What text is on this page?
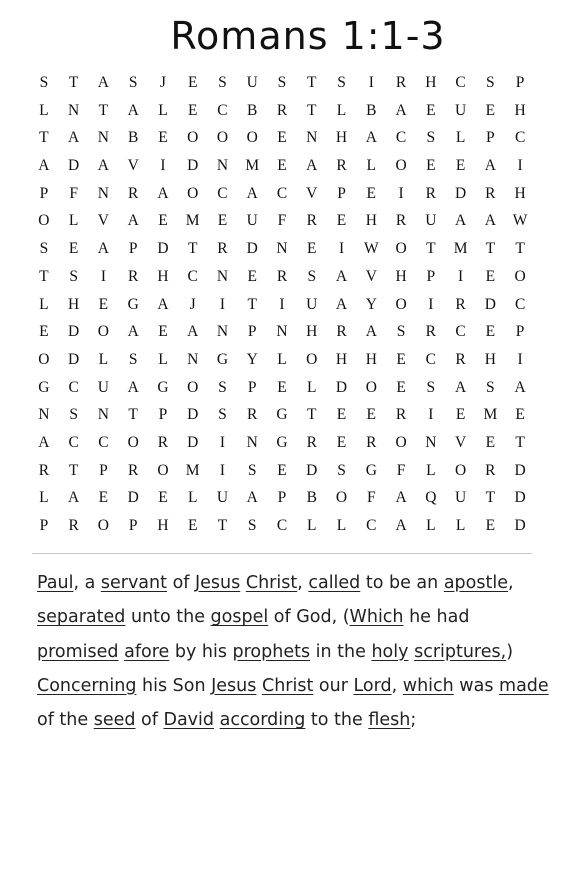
Romans 1:1-3
S	T	A	S	J	E	S	U	S	T	S	I	R	H	C	S	P
L	N	T	A	L	E	C	B	R	T	L	B	A	E	U	E	H
T	A	N	B	E	O	O	O	E	N	H	A	C	S	L	P	C
A	D	A	V	I	D	N	M	E	A	R	L	O	E	E	A	I
P	F	N	R	A	O	C	A	C	V	P	E	I	R	D	R	H
O	L	V	A	E	M	E	U	F	R	E	H	R	U	A	A	W
S	E	A	P	D	T	R	D	N	E	I	W	O	T	M	T	T
T	S	I	R	H	C	N	E	R	S	A	V	H	P	I	E	O
L	H	E	G	A	J	I	T	I	U	A	Y	O	I	R	D	C
E	D	O	A	E	A	N	P	N	H	R	A	S	R	C	E	P
O	D	L	S	L	N	G	Y	L	O	H	H	E	C	R	H	I
G	C	U	A	G	O	S	P	E	L	D	O	E	S	A	S	A
N	S	N	T	P	D	S	R	G	T	E	E	R	I	E	M	E
A	C	C	O	R	D	I	N	G	R	E	R	O	N	V	E	T
R	T	P	R	O	M	I	S	E	D	S	G	F	L	O	R	D
L	A	E	D	E	L	U	A	P	B	O	F	A	Q	U	T	D
P	R	O	P	H	E	T	S	C	L	L	C	A	L	L	E	D
Paul, a servant of Jesus Christ, called to be an apostle,
separated unto the gospel of God, (Which he had
promised afore by his prophets in the holy scriptures,)
Concerning his Son Jesus Christ our Lord, which was made
of the seed of David according to the flesh;
